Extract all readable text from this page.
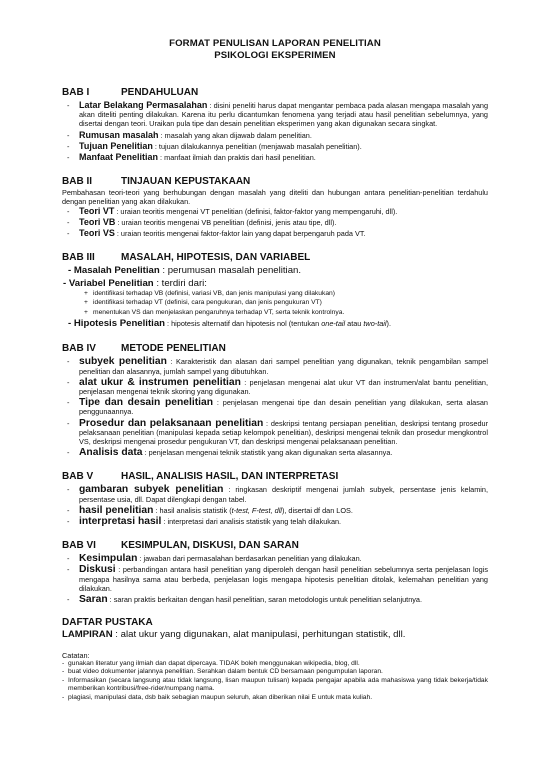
FORMAT PENULISAN LAPORAN PENELITIAN
PSIKOLOGI EKSPERIMEN
BAB I	PENDAHULUAN
-	Latar Belakang Permasalahan : disini peneliti harus dapat mengantar pembaca pada alasan mengapa masalah yang akan diteliti penting dilakukan. Karena itu perlu dicantumkan fenomena yang terjadi atau hasil penelitian sebelumnya, yang disertai dengan teori. Uraikan pula tipe dan desain penelitian eksperimen yang akan digunakan secara singkat.
-	Rumusan masalah : masalah yang akan dijawab dalam penelitian.
-	Tujuan Penelitian : tujuan dilakukannya penelitian (menjawab masalah penelitian).
-	Manfaat Penelitian : manfaat ilmiah dan praktis dari hasil penelitian.
BAB II	TINJAUAN KEPUSTAKAAN
Pembahasan teori-teori yang berhubungan dengan masalah yang diteliti dan hubungan antara penelitian-penelitian terdahulu dengan penelitian yang akan dilakukan.
-	Teori VT : uraian teoritis mengenai VT penelitian (definisi, faktor-faktor yang mempengaruhi, dll).
-	Teori VB : uraian teoritis mengenai VB penelitian (definisi, jenis atau tipe, dll).
-	Teori VS : uraian teoritis mengenai faktor-faktor lain yang dapat berpengaruh pada VT.
BAB III	MASALAH, HIPOTESIS, DAN VARIABEL
- Masalah Penelitian : perumusan masalah penelitian.
- Variabel Penelitian : terdiri dari:
+ identifikasi terhadap VB (definisi, variasi VB, dan jenis manipulasi yang dilakukan)
+ identifikasi terhadap VT (definisi, cara pengukuran, dan jenis pengukuran VT)
+ menentukan VS dan menjelaskan pengaruhnya terhadap VT, serta teknik kontrolnya.
- Hipotesis Penelitian : hipotesis alternatif dan hipotesis nol (tentukan one-tail atau two-tail).
BAB IV	METODE PENELITIAN
- subyek penelitian : Karakteristik dan alasan dari sampel penelitian yang digunakan, teknik pengambilan sampel penelitian dan alasannya, jumlah sampel yang dibutuhkan.
- alat ukur & instrumen penelitian : penjelasan mengenai alat ukur VT dan instrumen/alat bantu penelitian, penjelasan mengenai teknik skoring yang digunakan.
- Tipe dan desain penelitian : penjelasan mengenai tipe dan desain penelitian yang dilakukan, serta alasan penggunaannya.
- Prosedur dan pelaksanaan penelitian : deskripsi tentang persiapan penelitian, deskripsi tentang prosedur pelaksanaan penelitian (manipulasi kepada setiap kelompok penelitian), deskripsi mengenai teknik dan prosedur mengkontrol VS, deskripsi mengenai prosedur pengukuran VT, dan deskripsi mengenai pelaksanaan penelitian.
- Analisis data : penjelasan mengenai teknik statistik yang akan digunakan serta alasannya.
BAB V	HASIL, ANALISIS HASIL, DAN INTERPRETASI
- gambaran subyek penelitian : ringkasan deskriptif mengenai jumlah subyek, persentase jenis kelamin, persentase usia, dll. Dapat dilengkapi dengan tabel.
- hasil penelitian : hasil analisis statistik (t-test, F-test, dll), disertai df dan LOS.
- interpretasi hasil : interpretasi dari analisis statistik yang telah dilakukan.
BAB VI	KESIMPULAN, DISKUSI, DAN SARAN
- Kesimpulan : jawaban dari permasalahan berdasarkan penelitian yang dilakukan.
- Diskusi : perbandingan antara hasil penelitian yang diperoleh dengan hasil penelitian sebelumnya serta penjelasan logis mengapa hasilnya sama atau berbeda, penjelasan logis mengapa hipotesis penelitian ditolak, kelemahan penelitian yang dilakukan.
- Saran : saran praktis berkaitan dengan hasil penelitian, saran metodologis untuk penelitian selanjutnya.
DAFTAR PUSTAKA
LAMPIRAN : alat ukur yang digunakan, alat manipulasi, perhitungan statistik, dll.
Catatan:
- gunakan literatur yang ilmiah dan dapat dipercaya. TIDAK boleh menggunakan wikipedia, blog, dll.
- buat video dokumenter jalannya penelitian. Serahkan dalam bentuk CD bersamaan pengumpulan laporan.
- Informasikan (secara langsung atau tidak langsung, lisan maupun tulisan) kepada pengajar apabila ada mahasiswa yang tidak bekerja/tidak memberikan kontribusi/free-rider/numpang nama.
- plagiasi, manipulasi data, dsb baik sebagian maupun seluruh, akan diberikan nilai E untuk mata kuliah.
